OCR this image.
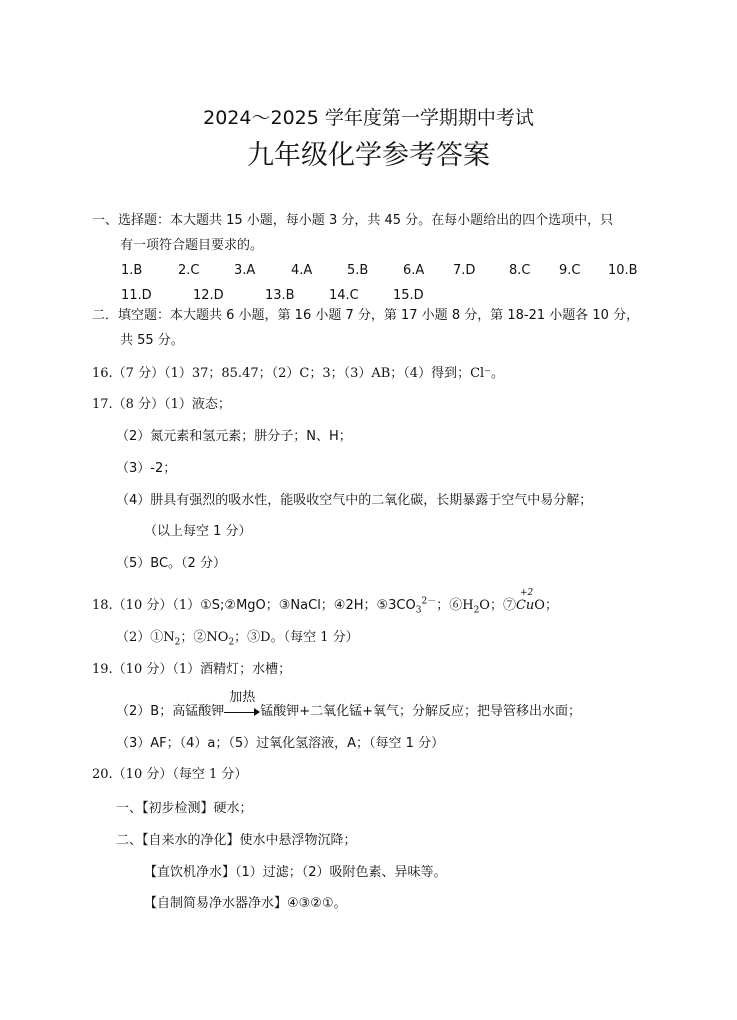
2024～2025 学年度第一学期期中考试
九年级化学参考答案
一、选择题：本大题共 15 小题，每小题 3 分，共 45 分。在每小题给出的四个选项中，只
有一项符合题目要求的。
1.B	2.C	3.A	4.A	5.B	6.A 7.D	8.C 9.C 10.B
11.D	12.D	13.B	14.C	15.D
二．填空题：本大题共 6 小题，第 16 小题 7 分，第 17 小题 8 分，第 18-21 小题各 10 分，
共 55 分。
16.（7 分）（1）37；85.47；（2）C；3；（3）AB；（4）得到；Cl⁻。
17.（8 分）（1）液态；
（2）氮元素和氢元素；肼分子；N、H；
（3）-2；
（4）肼具有强烈的吸水性，能吸收空气中的二氧化碳，长期暴露于空气中易分解；
（以上每空 1 分）
（5）BC。（2 分）
18.（10 分）（1）①S;②MgO；③NaCl；④2H；$⑤3CO_3^{2-}$；$⑥H_2O$；⑦
+2
CuO；
$(2)①N_2$；$②NO_2$；③D。（每空 1 分）
19.（10 分）（1）酒精灯；水槽；
（2）B；高锰酸钾
加热
锰酸钾+二氧化锰+氧气；分解反应；把导管移出水面；
（3）AF；（4）a；（5）过氧化氢溶液，A；（每空 1 分）
20.（10 分）（每空 1 分）
一、【初步检测】硬水；
二、【自来水的净化】使水中悬浮物沉降；
【直饮机净水】（1）过滤；（2）吸附色素、异味等。
【自制简易净水器净水】④③②①。
